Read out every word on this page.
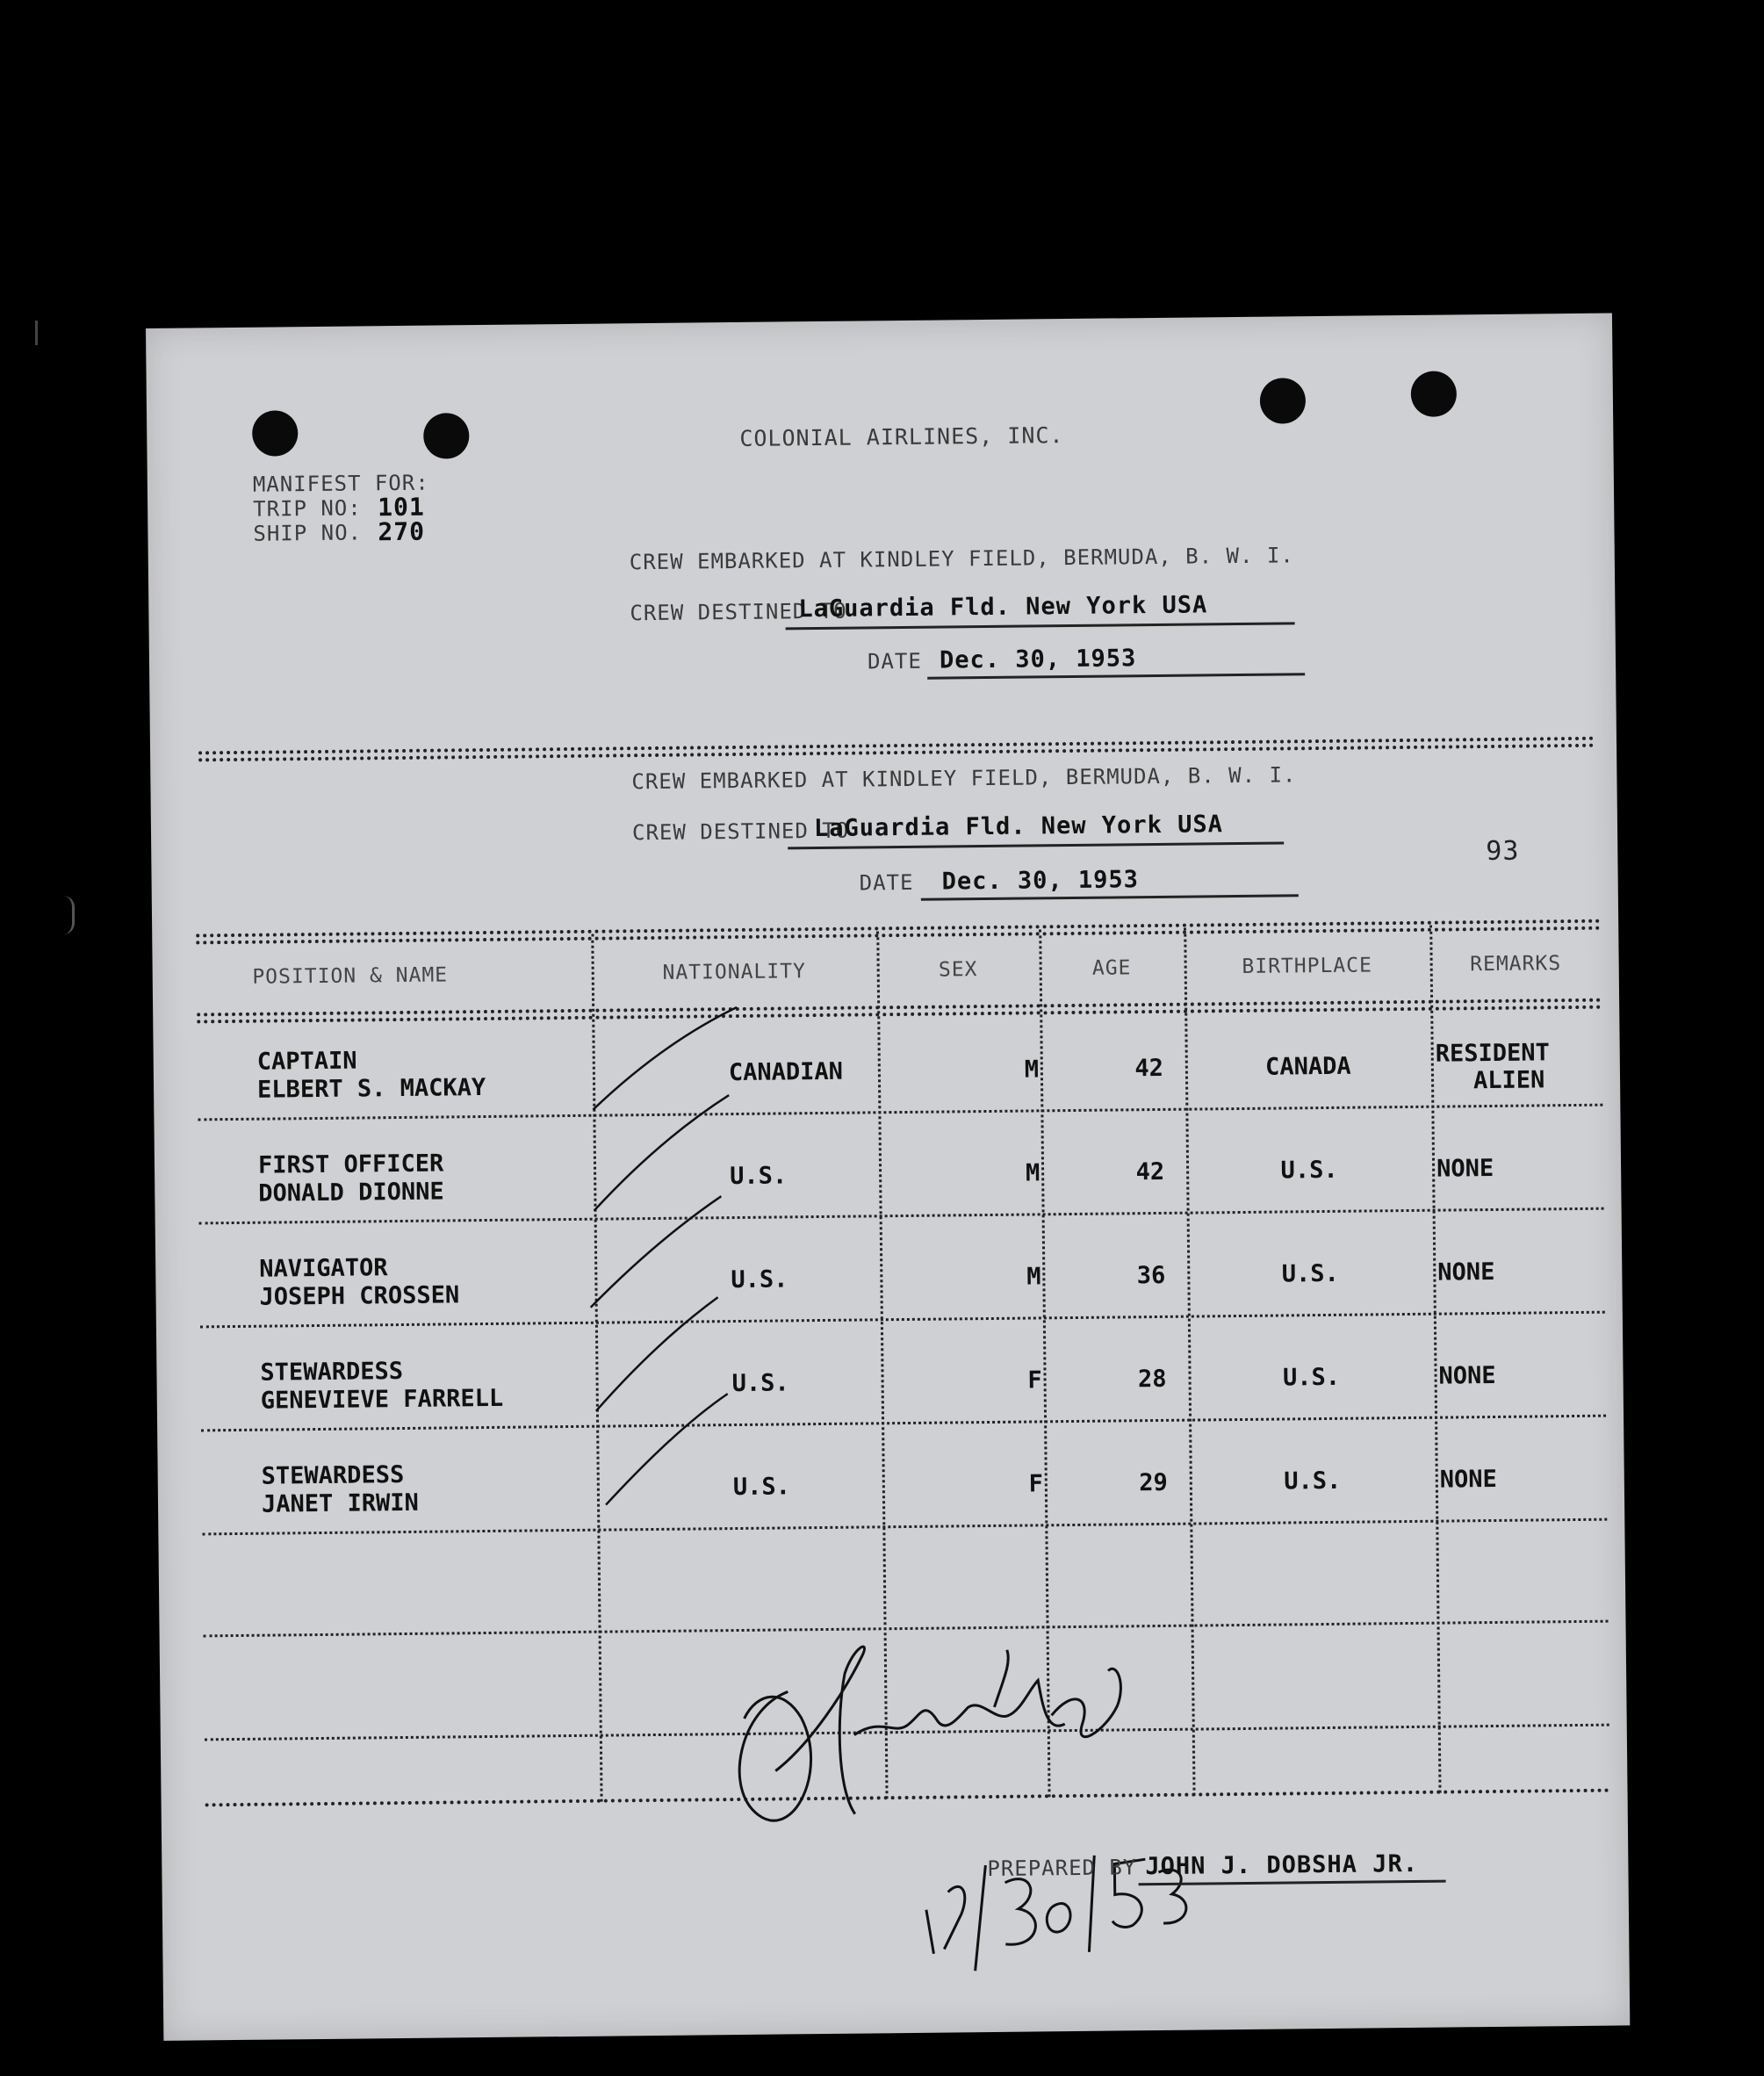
COLONIAL AIRLINES, INC.
MANIFEST FOR:
TRIP NO: 101
SHIP NO. 270
CREW EMBARKED AT KINDLEY FIELD, BERMUDA, B. W. I.
CREW DESTINED TO
LaGuardia Fld. New York USA
DATE Dec. 30, 1953
CREW EMBARKED AT KINDLEY FIELD, BERMUDA, B. W. I.
CREW DESTINED TO
LaGuardia Fld. New York USA
DATE Dec. 30, 1953
93
POSITION & NAME	NATIONALITY	SEX	AGE	BIRTHPLACE	REMARKS
CAPTAIN
ELBERT S. MACKAY
CANADIAN	M	42	CANADA	RESIDENT
ALIEN
FIRST OFFICER
DONALD DIONNE
U.S.	M	42	U.S.	NONE
NAVIGATOR
JOSEPH CROSSEN
U.S.	M	36	U.S.	NONE
STEWARDESS
GENEVIEVE FARRELL
U.S.	F	28	U.S.	NONE
STEWARDESS
JANET IRWIN
U.S.	F	29	U.S.	NONE
PREPARED BY JOHN J. DOBSHA JR.
